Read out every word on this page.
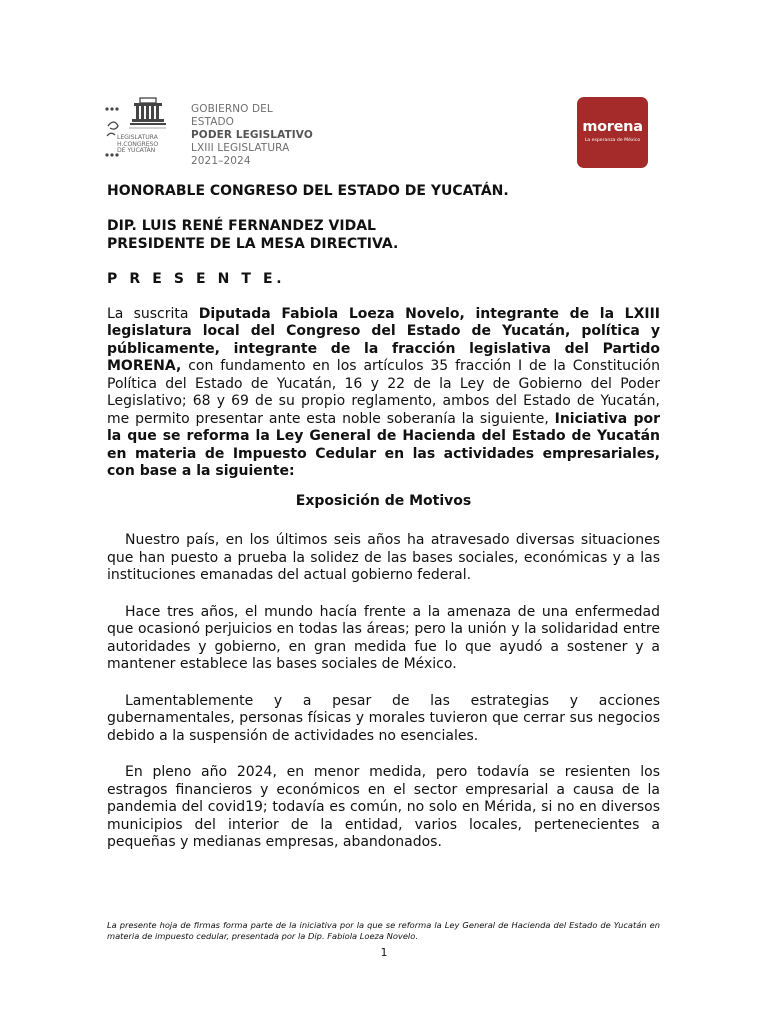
LEGISLATURA
H.CONGRESO
DE YUCATÁN
GOBIERNO DEL ESTADO
PODER LEGISLATIVO
LXIII LEGISLATURA
2021–2024
morena
La esperanza de México

HONORABLE CONGRESO DEL ESTADO DE YUCATÁN.

DIP. LUIS RENÉ FERNANDEZ VIDAL

PRESIDENTE DE LA MESA DIRECTIVA.

P R E S E N T E.

La suscrita Diputada Fabiola Loeza Novelo, integrante de la LXIII legislatura local del Congreso del Estado de Yucatán, política y públicamente, integrante de la fracción legislativa del Partido MORENA, con fundamento en los artículos 35 fracción I de la Constitución Política del Estado de Yucatán, 16 y 22 de la Ley de Gobierno del Poder Legislativo; 68 y 69 de su propio reglamento, ambos del Estado de Yucatán, me permito presentar ante esta noble soberanía la siguiente, Iniciativa por la que se reforma la Ley General de Hacienda del Estado de Yucatán en materia de Impuesto Cedular en las actividades empresariales, con base a la siguiente:

Exposición de Motivos

Nuestro país, en los últimos seis años ha atravesado diversas situaciones que han puesto a prueba la solidez de las bases sociales, económicas y a las instituciones emanadas del actual gobierno federal.

Hace tres años, el mundo hacía frente a la amenaza de una enfermedad que ocasionó perjuicios en todas las áreas; pero la unión y la solidaridad entre autoridades y gobierno, en gran medida fue lo que ayudó a sostener y a mantener establece las bases sociales de México.

Lamentablemente y a pesar de las estrategias y acciones gubernamentales, personas físicas y morales tuvieron que cerrar sus negocios debido a la suspensión de actividades no esenciales.

En pleno año 2024, en menor medida, pero todavía se resienten los estragos financieros y económicos en el sector empresarial a causa de la pandemia del covid19; todavía es común, no solo en Mérida, si no en diversos municipios del interior de la entidad, varios locales, pertenecientes a pequeñas y medianas empresas, abandonados.

La presente hoja de firmas forma parte de la iniciativa por la que se reforma la Ley General de Hacienda del Estado de Yucatán en materia de impuesto cedular, presentada por la Dip. Fabiola Loeza Novelo.
1
